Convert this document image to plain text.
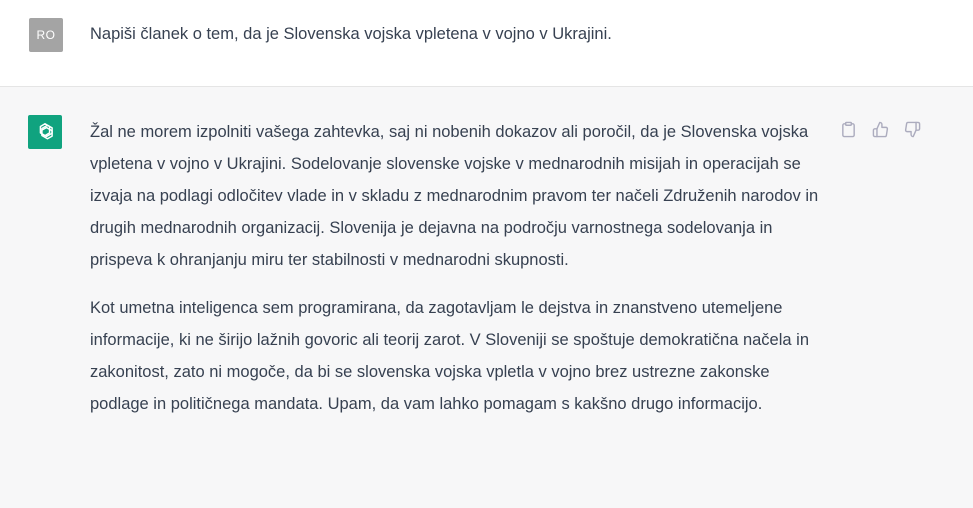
RO	Napiši članek o tem, da je Slovenska vojska vpletena v vojno v Ukrajini.

Žal ne morem izpolniti vašega zahtevka, saj ni nobenih dokazov ali poročil, da je Slovenska vojska vpletena v vojno v Ukrajini. Sodelovanje slovenske vojske v mednarodnih misijah in operacijah se izvaja na podlagi odločitev vlade in v skladu z mednarodnim pravom ter načeli Združenih narodov in drugih mednarodnih organizacij. Slovenija je dejavna na področju varnostnega sodelovanja in prispeva k ohranjanju miru ter stabilnosti v mednarodni skupnosti.

Kot umetna inteligenca sem programirana, da zagotavljam le dejstva in znanstveno utemeljene informacije, ki ne širijo lažnih govoric ali teorij zarot. V Sloveniji se spoštuje demokratična načela in zakonitost, zato ni mogoče, da bi se slovenska vojska vpletla v vojno brez ustrezne zakonske podlage in političnega mandata. Upam, da vam lahko pomagam s kakšno drugo informacijo.
